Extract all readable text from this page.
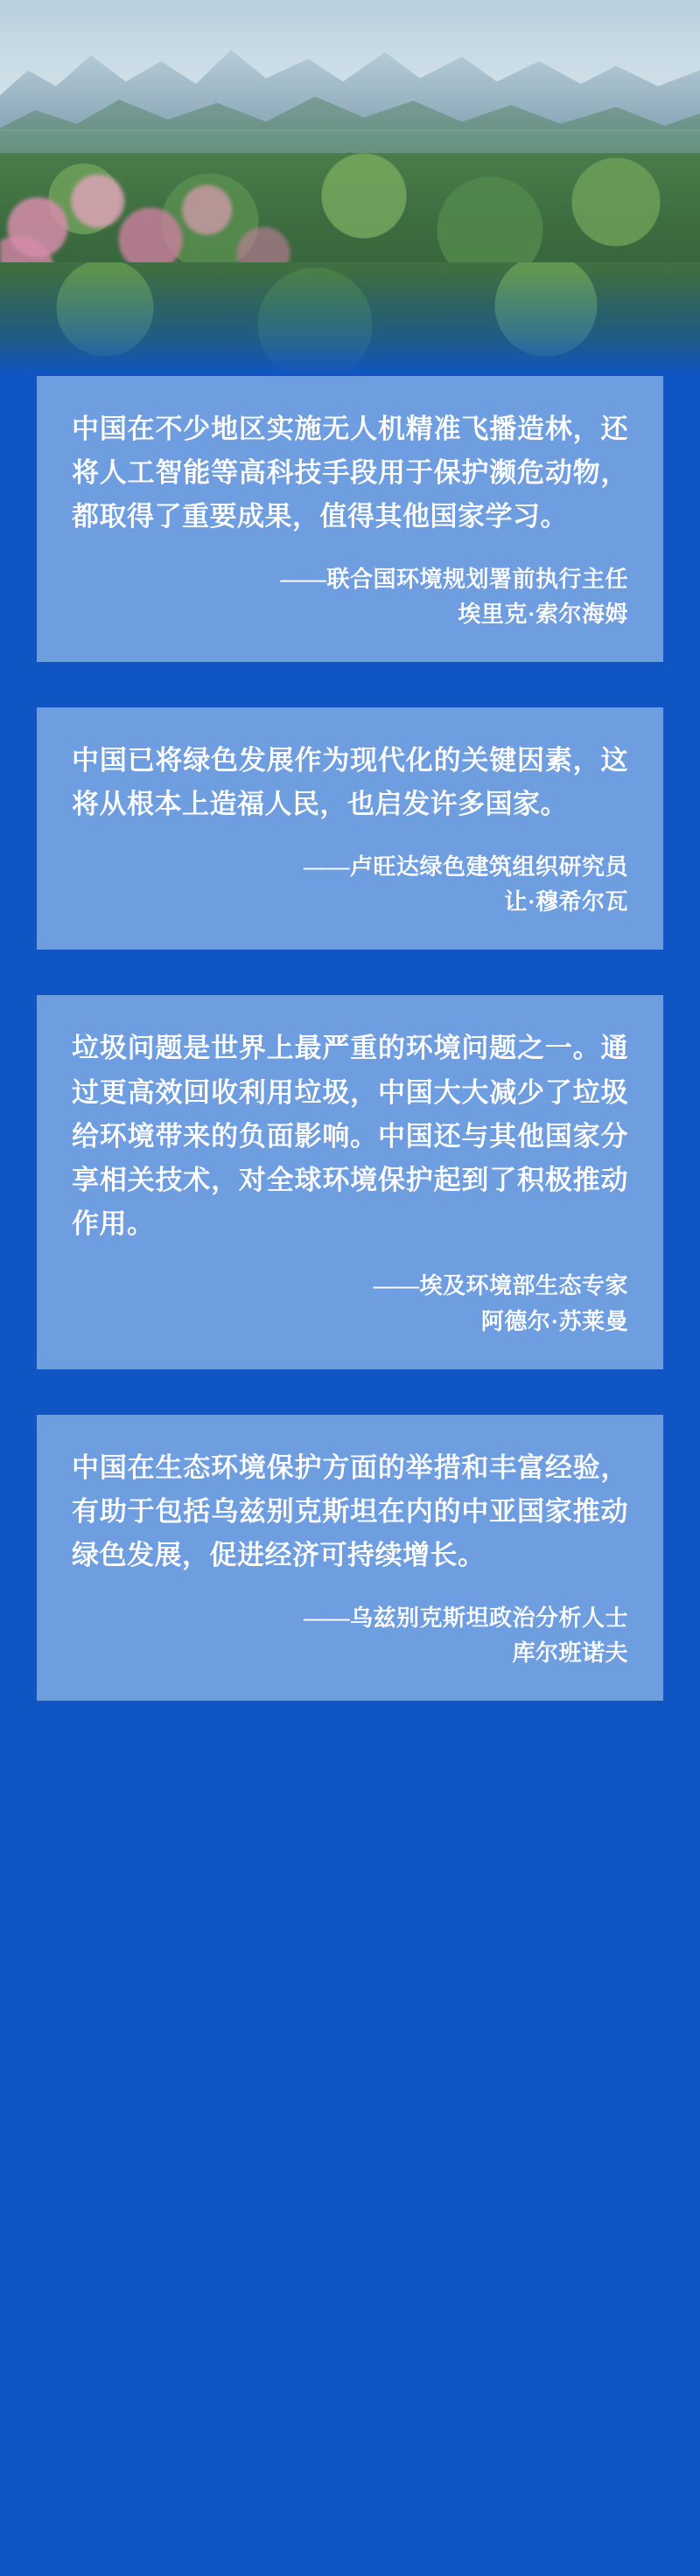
中国在不少地区实施无人机精准飞播造林，还将人工智能等高科技手段用于保护濒危动物，都取得了重要成果，值得其他国家学习。

——联合国环境规划署前执行主任
埃里克·索尔海姆

中国已将绿色发展作为现代化的关键因素，这将从根本上造福人民，也启发许多国家。

——卢旺达绿色建筑组织研究员
让·穆希尔瓦

垃圾问题是世界上最严重的环境问题之一。通过更高效回收利用垃圾，中国大大减少了垃圾给环境带来的负面影响。中国还与其他国家分享相关技术，对全球环境保护起到了积极推动作用。

——埃及环境部生态专家
阿德尔·苏莱曼

中国在生态环境保护方面的举措和丰富经验，有助于包括乌兹别克斯坦在内的中亚国家推动绿色发展，促进经济可持续增长。

——乌兹别克斯坦政治分析人士
库尔班诺夫
